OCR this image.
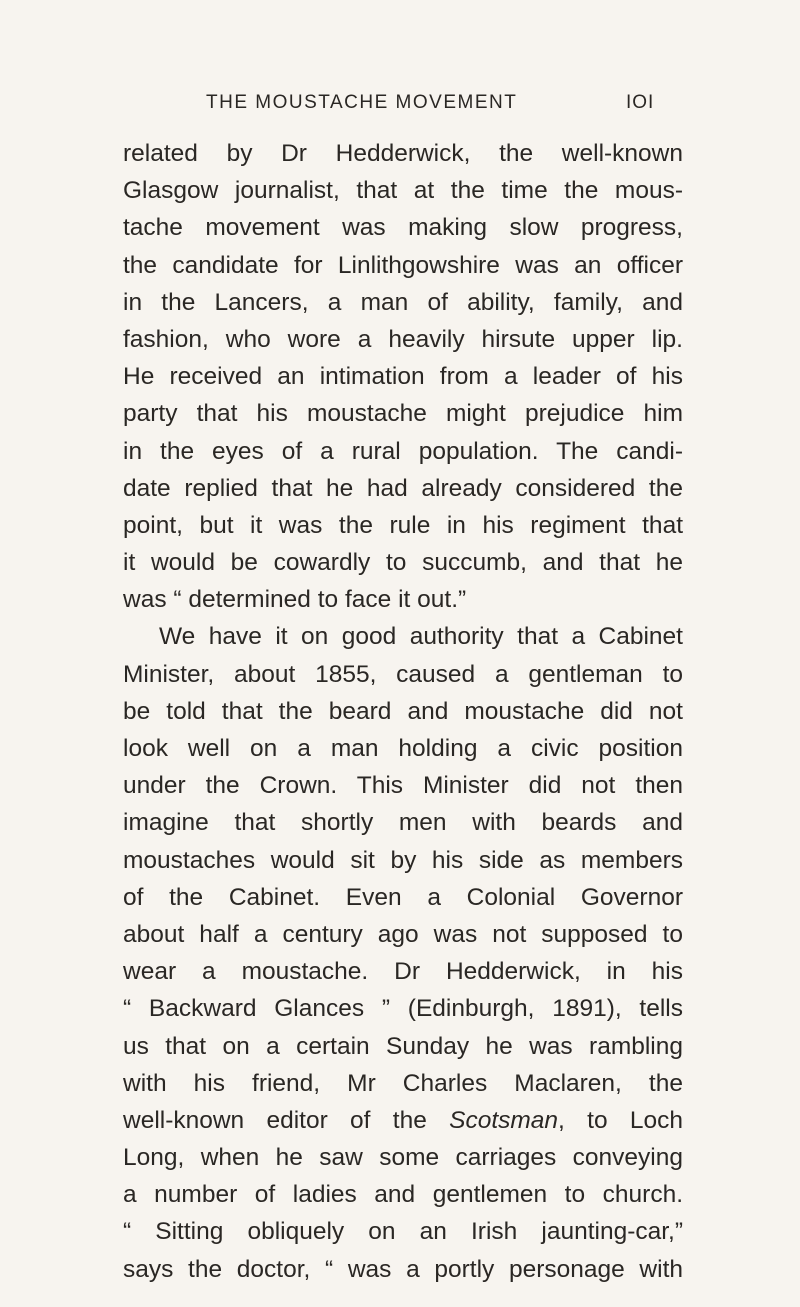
THE MOUSTACHE MOVEMENT	IOI
related by Dr Hedderwick, the well-known
Glasgow journalist, that at the time the mous-
tache movement was making slow progress,
the candidate for Linlithgowshire was an officer
in the Lancers, a man of ability, family, and
fashion, who wore a heavily hirsute upper lip.
He received an intimation from a leader of his
party that his moustache might prejudice him
in the eyes of a rural population. The candi-
date replied that he had already considered the
point, but it was the rule in his regiment that
it would be cowardly to succumb, and that he
was “ determined to face it out.”
We have it on good authority that a Cabinet
Minister, about 1855, caused a gentleman to
be told that the beard and moustache did not
look well on a man holding a civic position
under the Crown. This Minister did not then
imagine that shortly men with beards and
moustaches would sit by his side as members
of the Cabinet. Even a Colonial Governor
about half a century ago was not supposed to
wear a moustache. Dr Hedderwick, in his
“ Backward Glances ” (Edinburgh, 1891), tells
us that on a certain Sunday he was rambling
with his friend, Mr Charles Maclaren, the
well-known editor of the Scotsman, to Loch
Long, when he saw some carriages conveying
a number of ladies and gentlemen to church.
“ Sitting obliquely on an Irish jaunting-car,”
says the doctor, “ was a portly personage with
